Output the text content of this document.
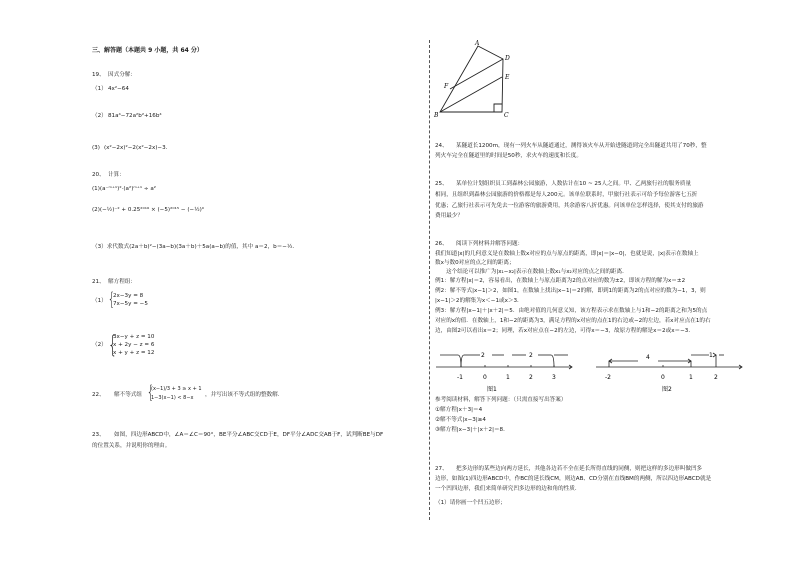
三、解答题（本题共 9 小题，共 64 分）
19、 因式分解：
（1） 4x²−64
（2） 81a⁴−72a²b²+16b⁴
(3) (x²−2x)²−2(x²−2x)−3．
20、 计算：
(1)(a⁻ᵐ⁺¹)²·(a²)ᵐ⁺¹ ÷ a²
(2)(−½)⁻² + 0.25²⁰¹⁶ × (−5)²⁰¹⁵ − (−½)⁰
（3）求代数式(2a＋b)²−(3a−b)(3a＋b)＋5a(a−b)的值，其中 a＝2，b＝−½．
21、 解方程组：
（1） {
2x−3y = 8
7x−5y = −5
（2） {
3x−y + z = 10
x + 2y − z = 6
x + y + z = 12
22、 解不等式组 {
(x−1)/3 + 3 ≥ x + 1
1−3(x−1) < 8−x ，并写出该不等式组的整数解.
23、 如图，四边形ABCD中，∠A＝∠C＝90°，BE平分∠ABC交CD于E，DF平分∠ADC交AB于F，试判断BE与DF
的位置关系，并说明你的理由。
A
D
E
F
B	C
24、 某隧道长1200m，现有一列火车从隧道通过，测得该火车从开始进隧道到完全出隧道共用了70秒，整
列火车完全在隧道里的时间是50秒，求火车的速度和长度。
25、 某单位计划组织员工到森林公园旅游，人数估计在10 ~ 25人之间。甲、乙两旅行社的服务质量
相同，且组织到森林公园旅游的价格都是每人200元。该单位联系时，甲旅行社表示可给予每位游客七五折
优惠；乙旅行社表示可先免去一位游客的旅游费用，其余游客八折优惠。问该单位怎样选择，使其支付的旅游
费用最少？
26、 阅读下列材料并解答问题：
我们知道|x|的几何意义是在数轴上数x对应的点与原点的距离，即|x|＝|x−0|，也就是说，|x|表示在数轴上
数x与数0对应的点之间的距离；
这个结论可以推广为|x₁−x₂|表示在数轴上数x₁与x₂对应的点之间的距离．
例1：解方程|x|＝2，容易看出，在数轴上与原点距离为2的点对应的数为±2，即该方程的解为x＝±2
例2：解不等式|x−1|＞2，如图1，在数轴上找出|x−1|＝2的解，即到1的距离为2的点对应的数为−1，3，则
|x−1|＞2的解集为x＜−1或x＞3．
例3：解方程|x−1|＋|x＋2|＝5．由绝对值的几何意义知，该方程表示求在数轴上与1和−2的距离之和为5的点
对应的x的值．在数轴上，1和−2的距离为3，满足方程的x对应的点在1的右边或−2的左边，若x对应点在1的右
边，由图2可以看出x＝2；同理，若x对应点在−2的左边，可得x＝−3，故原方程的解是x＝2或x＝−3．
2	2
-1	0	1	2	3
图1
4	1
-2	0	1	2
图2
参考阅读材料，解答下列问题：（只需直接写出答案）
①解方程|x＋3|＝4
②解不等式|x−3|≥4
③解方程|x−3|＋|x＋2|＝8．
27、 把多边形的某些边向两方延长，其他各边若不全在延长所得直线的同侧，则把这样的多边形叫做凹多
边形，如图(1)四边形ABCD中，作BC的延长线CM，则边AB、CD分别在直线BM的两侧，所以四边形ABCD就是
一个凹四边形，我们来简单研究凹多边形的边和角的性质．
（1）请你画一个凹五边形；
